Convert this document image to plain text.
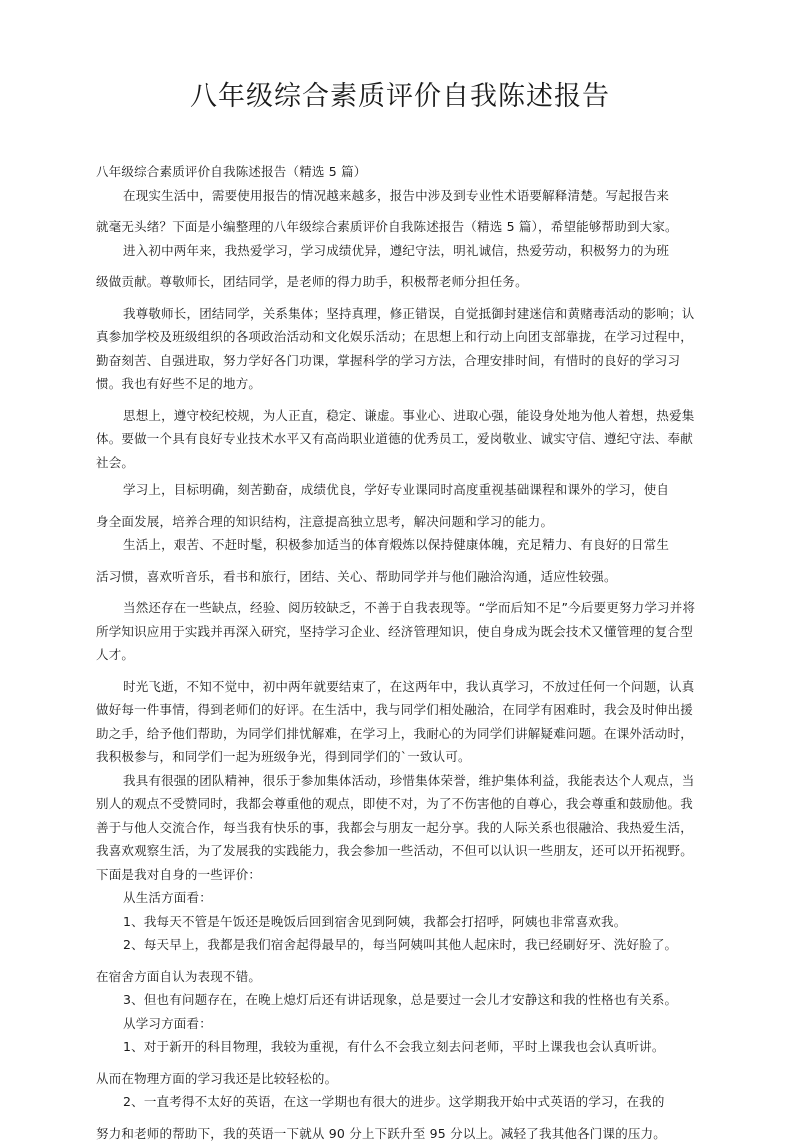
八年级综合素质评价自我陈述报告

八年级综合素质评价自我陈述报告（精选 5 篇）

在现实生活中，需要使用报告的情况越来越多，报告中涉及到专业性术语要解释清楚。写起报告来

就毫无头绪？下面是小编整理的八年级综合素质评价自我陈述报告（精选 5 篇），希望能够帮助到大家。

进入初中两年来，我热爱学习，学习成绩优异，遵纪守法，明礼诚信，热爱劳动，积极努力的为班

级做贡献。尊敬师长，团结同学，是老师的得力助手，积极帮老师分担任务。

我尊敬师长，团结同学，关系集体；坚持真理，修正错误，自觉抵御封建迷信和黄赌毒活动的影响；认真参加学校及班级组织的各项政治活动和文化娱乐活动；在思想上和行动上向团支部靠拢，在学习过程中，勤奋刻苦、自强进取，努力学好各门功课，掌握科学的学习方法，合理安排时间，有惜时的良好的学习习惯。我也有好些不足的地方。

思想上，遵守校纪校规，为人正直，稳定、谦虚。事业心、进取心强，能设身处地为他人着想，热爱集体。要做一个具有良好专业技术水平又有高尚职业道德的优秀员工，爱岗敬业、诚实守信、遵纪守法、奉献社会。

学习上，目标明确，刻苦勤奋，成绩优良，学好专业课同时高度重视基础课程和课外的学习，使自

身全面发展，培养合理的知识结构，注意提高独立思考，解决问题和学习的能力。

生活上，艰苦、不赶时髦，积极参加适当的体育煅炼以保持健康体魄，充足精力、有良好的日常生

活习惯，喜欢听音乐，看书和旅行，团结、关心、帮助同学并与他们融洽沟通，适应性较强。

当然还存在一些缺点，经验、阅历较缺乏，不善于自我表现等。“学而后知不足”今后要更努力学习并将所学知识应用于实践并再深入研究，坚持学习企业、经济管理知识，使自身成为既会技术又懂管理的复合型人才。

时光飞逝，不知不觉中，初中两年就要结束了，在这两年中，我认真学习，不放过任何一个问题，认真做好每一件事情，得到老师们的好评。在生活中，我与同学们相处融洽，在同学有困难时，我会及时伸出援助之手，给予他们帮助，为同学们排忧解难，在学习上，我耐心的为同学们讲解疑难问题。在课外活动时，我积极参与，和同学们一起为班级争光，得到同学们的`一致认可。

我具有很强的团队精神，很乐于参加集体活动，珍惜集体荣誉，维护集体利益，我能表达个人观点，当别人的观点不受赞同时，我都会尊重他的观点，即使不对，为了不伤害他的自尊心，我会尊重和鼓励他。我善于与他人交流合作，每当我有快乐的事，我都会与朋友一起分享。我的人际关系也很融洽、我热爱生活，我喜欢观察生活，为了发展我的实践能力，我会参加一些活动，不但可以认识一些朋友，还可以开拓视野。下面是我对自身的一些评价：

从生活方面看：

1、我每天不管是午饭还是晚饭后回到宿舍见到阿姨，我都会打招呼，阿姨也非常喜欢我。

2、每天早上，我都是我们宿舍起得最早的，每当阿姨叫其他人起床时，我已经刷好牙、洗好脸了。

在宿舍方面自认为表现不错。

3、但也有问题存在，在晚上熄灯后还有讲话现象，总是要过一会儿才安静这和我的性格也有关系。

从学习方面看：

1、对于新开的科目物理，我较为重视，有什么不会我立刻去问老师，平时上课我也会认真听讲。

从而在物理方面的学习我还是比较轻松的。

2、一直考得不太好的英语，在这一学期也有很大的进步。这学期我开始中式英语的学习，在我的

努力和老师的帮助下，我的英语一下就从 90 分上下跃升至 95 分以上。减轻了我其他各门课的压力。
